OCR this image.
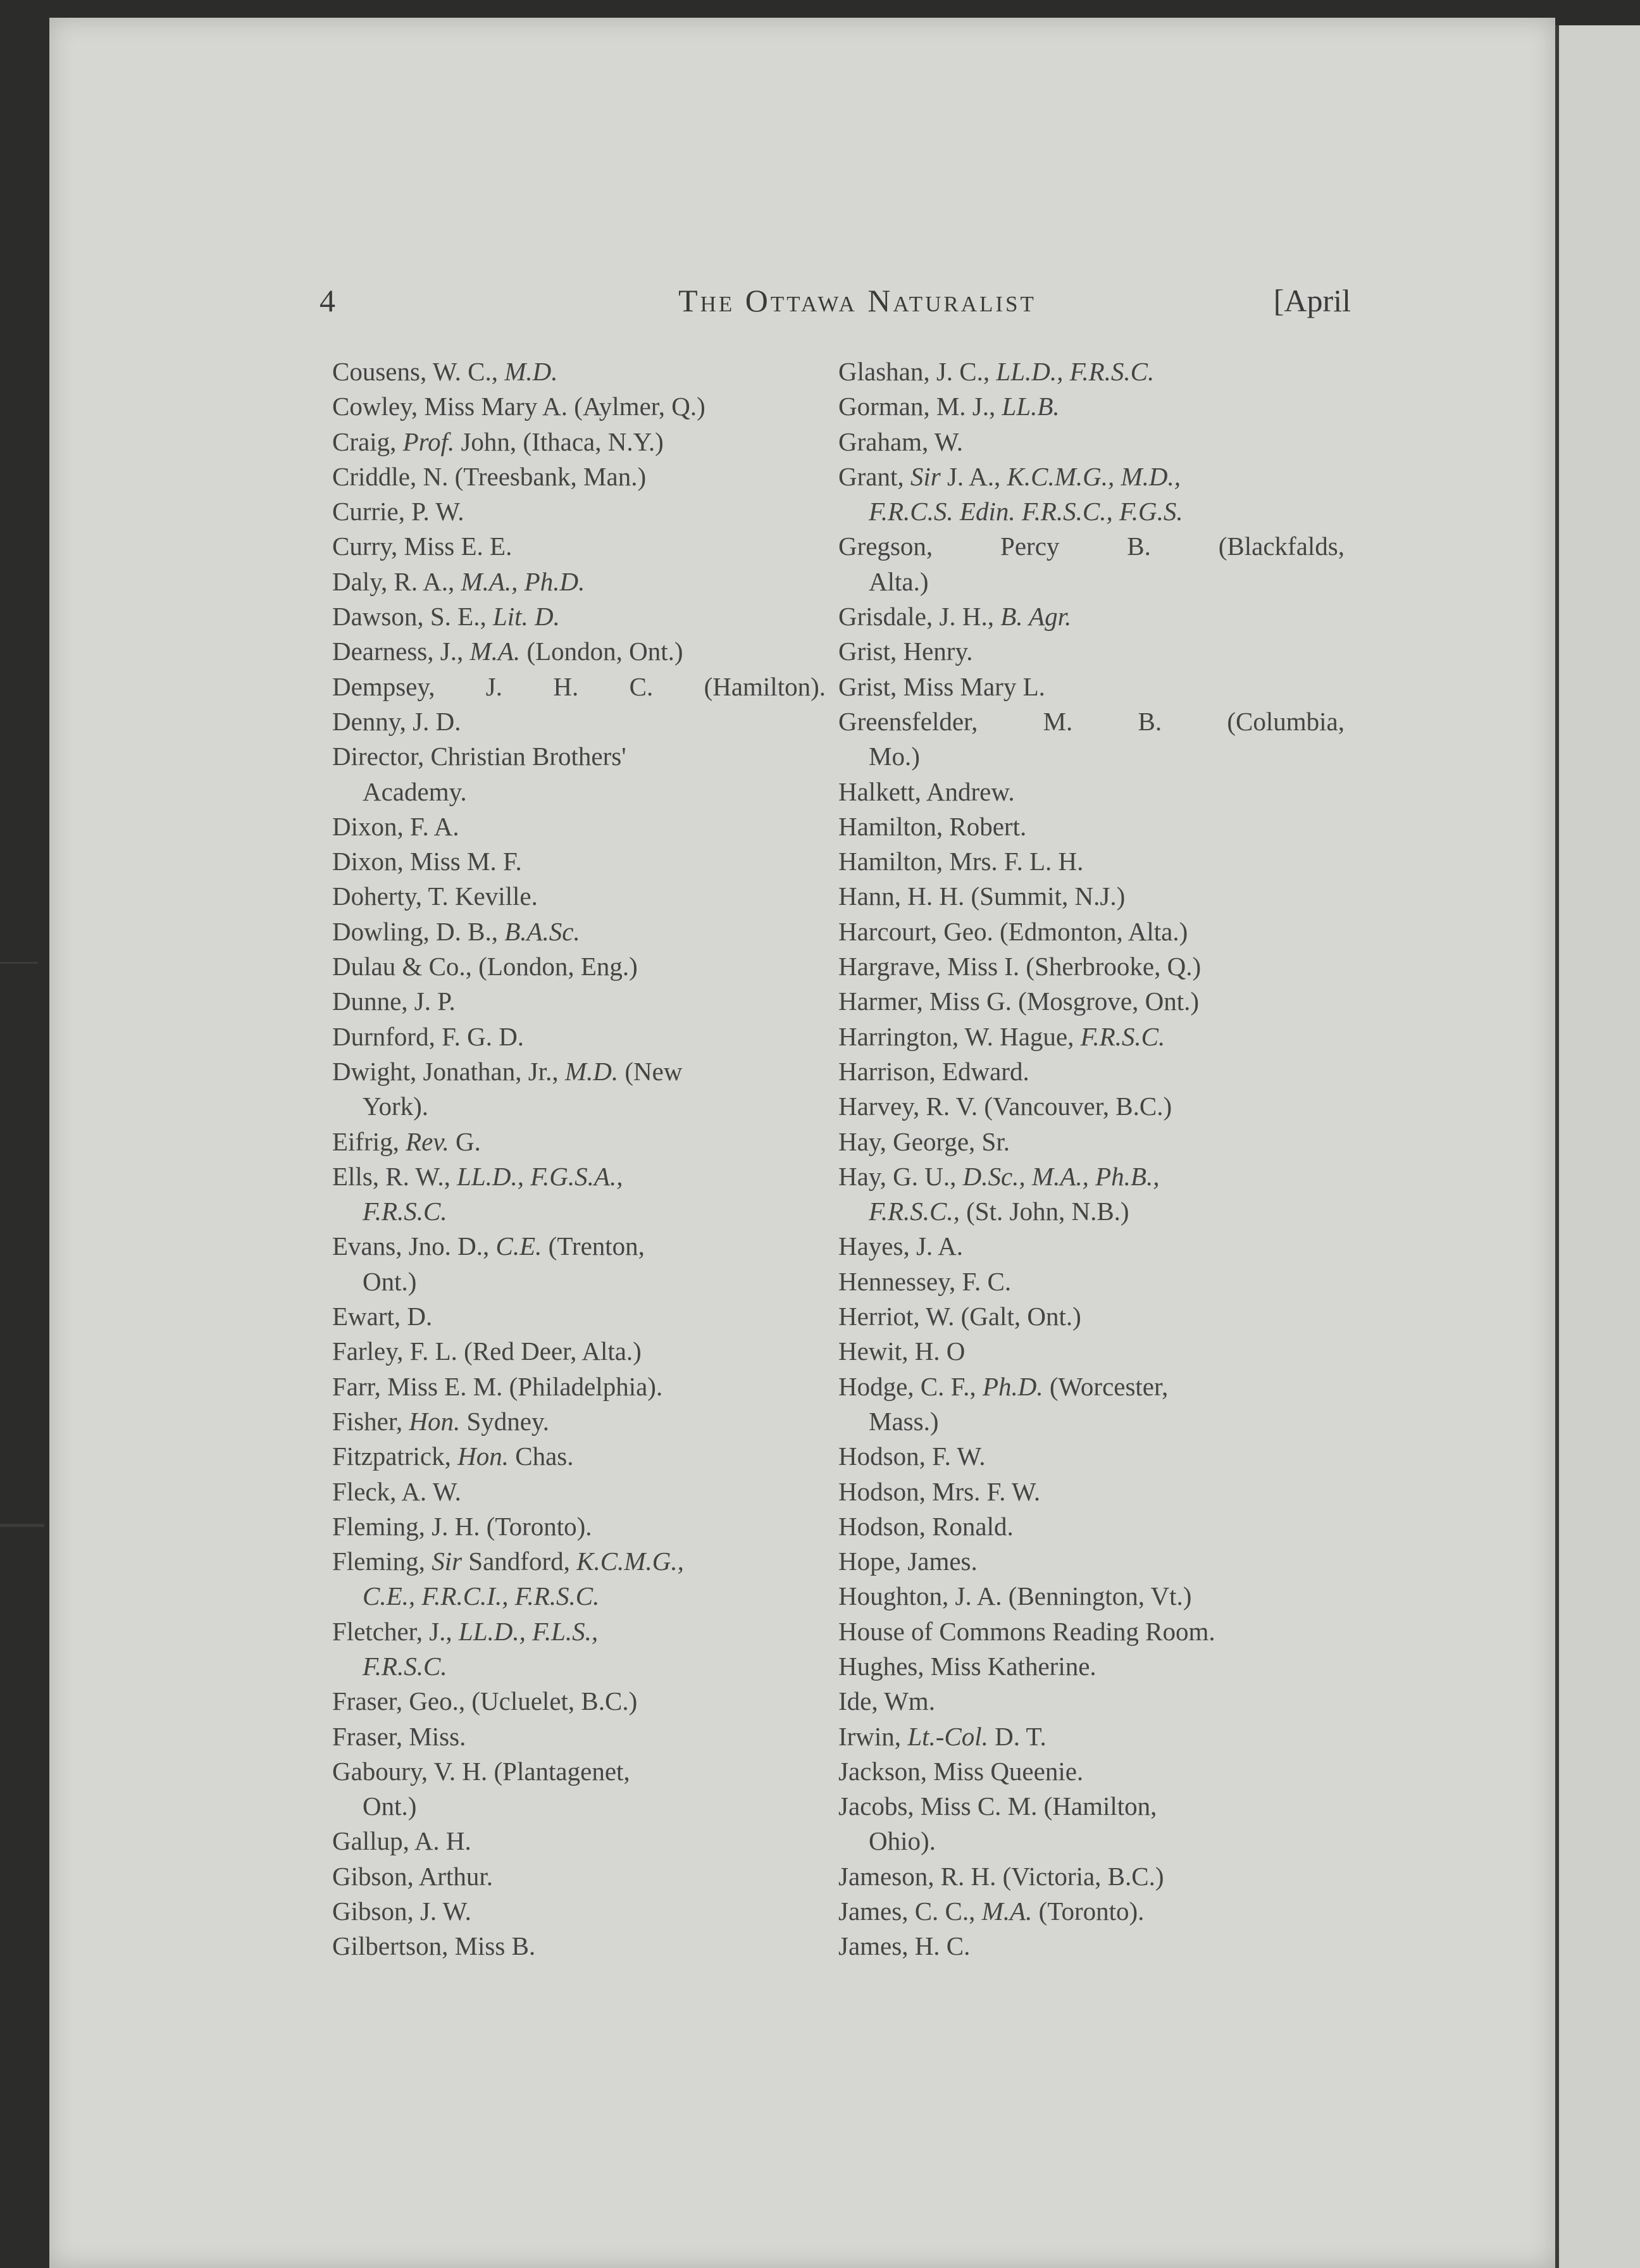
4	The Ottawa Naturalist	[April
Cousens, W. C., M.D.
Cowley, Miss Mary A. (Aylmer, Q.)
Craig, Prof. John, (Ithaca, N.Y.)
Criddle, N. (Treesbank, Man.)
Currie, P. W.
Curry, Miss E. E.
Daly, R. A., M.A., Ph.D.
Dawson, S. E., Lit. D.
Dearness, J., M.A. (London, Ont.)
Dempsey, J. H. C. (Hamilton).
Denny, J. D.
Director, Christian Brothers'
Academy.
Dixon, F. A.
Dixon, Miss M. F.
Doherty, T. Keville.
Dowling, D. B., B.A.Sc.
Dulau & Co., (London, Eng.)
Dunne, J. P.
Durnford, F. G. D.
Dwight, Jonathan, Jr., M.D. (New
York).
Eifrig, Rev. G.
Ells, R. W., LL.D., F.G.S.A.,
F.R.S.C.
Evans, Jno. D., C.E. (Trenton,
Ont.)
Ewart, D.
Farley, F. L. (Red Deer, Alta.)
Farr, Miss E. M. (Philadelphia).
Fisher, Hon. Sydney.
Fitzpatrick, Hon. Chas.
Fleck, A. W.
Fleming, J. H. (Toronto).
Fleming, Sir Sandford, K.C.M.G.,
C.E., F.R.C.I., F.R.S.C.
Fletcher, J., LL.D., F.L.S.,
F.R.S.C.
Fraser, Geo., (Ucluelet, B.C.)
Fraser, Miss.
Gaboury, V. H. (Plantagenet,
Ont.)
Gallup, A. H.
Gibson, Arthur.
Gibson, J. W.
Gilbertson, Miss B.
Glashan, J. C., LL.D., F.R.S.C.
Gorman, M. J., LL.B.
Graham, W.
Grant, Sir J. A., K.C.M.G., M.D.,
F.R.C.S. Edin. F.R.S.C., F.G.S.
Gregson, Percy B. (Blackfalds,
Alta.)
Grisdale, J. H., B. Agr.
Grist, Henry.
Grist, Miss Mary L.
Greensfelder, M. B. (Columbia,
Mo.)
Halkett, Andrew.
Hamilton, Robert.
Hamilton, Mrs. F. L. H.
Hann, H. H. (Summit, N.J.)
Harcourt, Geo. (Edmonton, Alta.)
Hargrave, Miss I. (Sherbrooke, Q.)
Harmer, Miss G. (Mosgrove, Ont.)
Harrington, W. Hague, F.R.S.C.
Harrison, Edward.
Harvey, R. V. (Vancouver, B.C.)
Hay, George, Sr.
Hay, G. U., D.Sc., M.A., Ph.B.,
F.R.S.C., (St. John, N.B.)
Hayes, J. A.
Hennessey, F. C.
Herriot, W. (Galt, Ont.)
Hewit, H. O
Hodge, C. F., Ph.D. (Worcester,
Mass.)
Hodson, F. W.
Hodson, Mrs. F. W.
Hodson, Ronald.
Hope, James.
Houghton, J. A. (Bennington, Vt.)
House of Commons Reading Room.
Hughes, Miss Katherine.
Ide, Wm.
Irwin, Lt.-Col. D. T.
Jackson, Miss Queenie.
Jacobs, Miss C. M. (Hamilton,
Ohio).
Jameson, R. H. (Victoria, B.C.)
James, C. C., M.A. (Toronto).
James, H. C.
